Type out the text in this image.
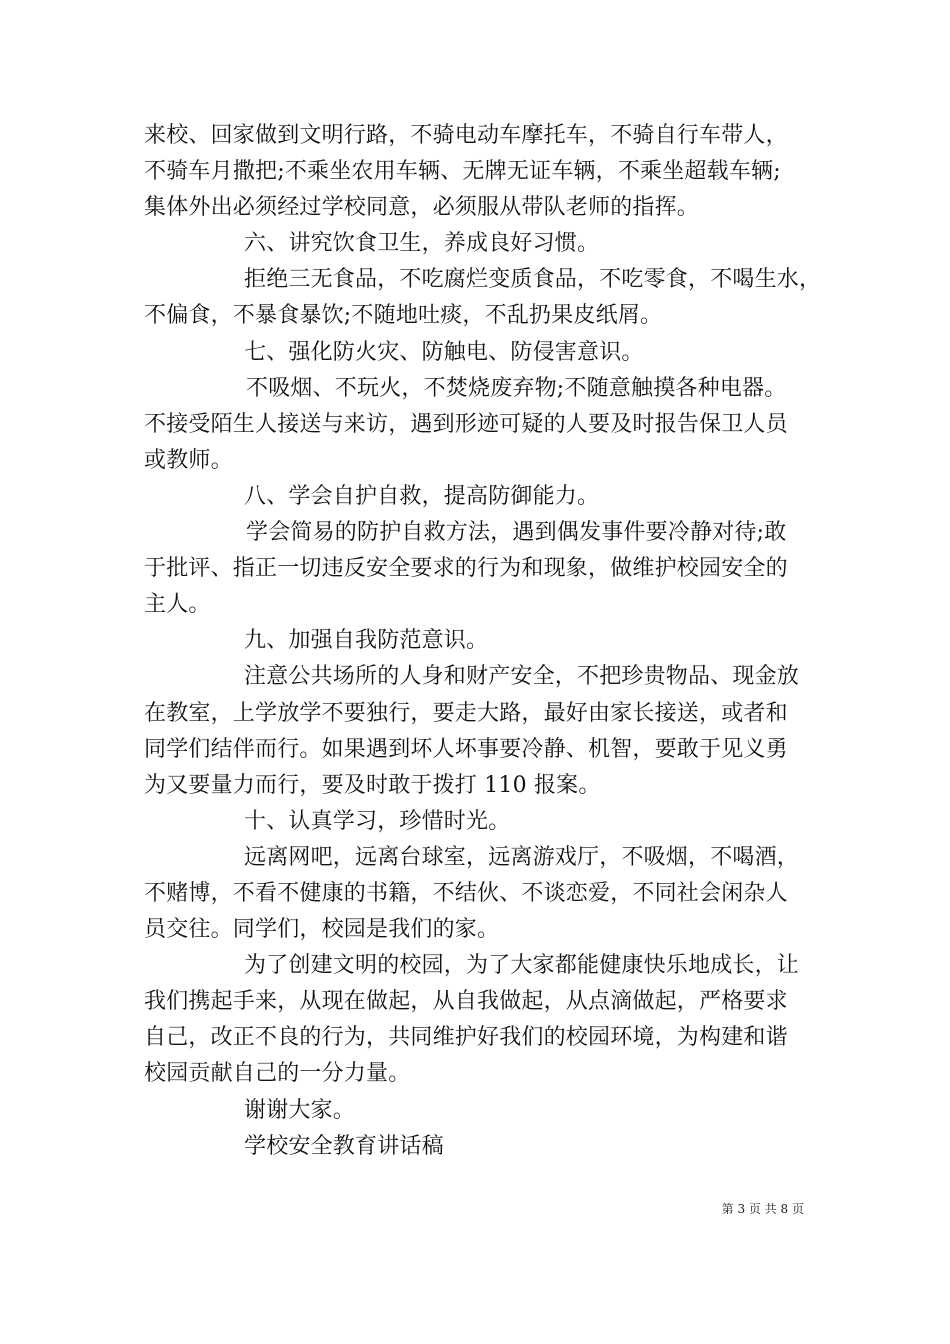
来校、回家做到文明行路，不骑电动车摩托车，不骑自行车带人，
不骑车月撒把;不乘坐农用车辆、无牌无证车辆，不乘坐超载车辆;
集体外出必须经过学校同意，必须服从带队老师的指挥。
六、讲究饮食卫生，养成良好习惯。
拒绝三无食品，不吃腐烂变质食品，不吃零食，不喝生水，
不偏食，不暴食暴饮;不随地吐痰，不乱扔果皮纸屑。
七、强化防火灾、防触电、防侵害意识。
不吸烟、不玩火，不焚烧废弃物;不随意触摸各种电器。
不接受陌生人接送与来访，遇到形迹可疑的人要及时报告保卫人员
或教师。
八、学会自护自救，提高防御能力。
学会简易的防护自救方法，遇到偶发事件要冷静对待;敢
于批评、指正一切违反安全要求的行为和现象，做维护校园安全的
主人。
九、加强自我防范意识。
注意公共场所的人身和财产安全，不把珍贵物品、现金放
在教室，上学放学不要独行，要走大路，最好由家长接送，或者和
同学们结伴而行。如果遇到坏人坏事要冷静、机智，要敢于见义勇
为又要量力而行，要及时敢于拨打 110 报案。
十、认真学习，珍惜时光。
远离网吧，远离台球室，远离游戏厅，不吸烟，不喝酒，
不赌博，不看不健康的书籍，不结伙、不谈恋爱，不同社会闲杂人
员交往。同学们，校园是我们的家。
为了创建文明的校园，为了大家都能健康快乐地成长，让
我们携起手来，从现在做起，从自我做起，从点滴做起，严格要求
自己，改正不良的行为，共同维护好我们的校园环境，为构建和谐
校园贡献自己的一分力量。
谢谢大家。
学校安全教育讲话稿
第 3 页 共 8 页
